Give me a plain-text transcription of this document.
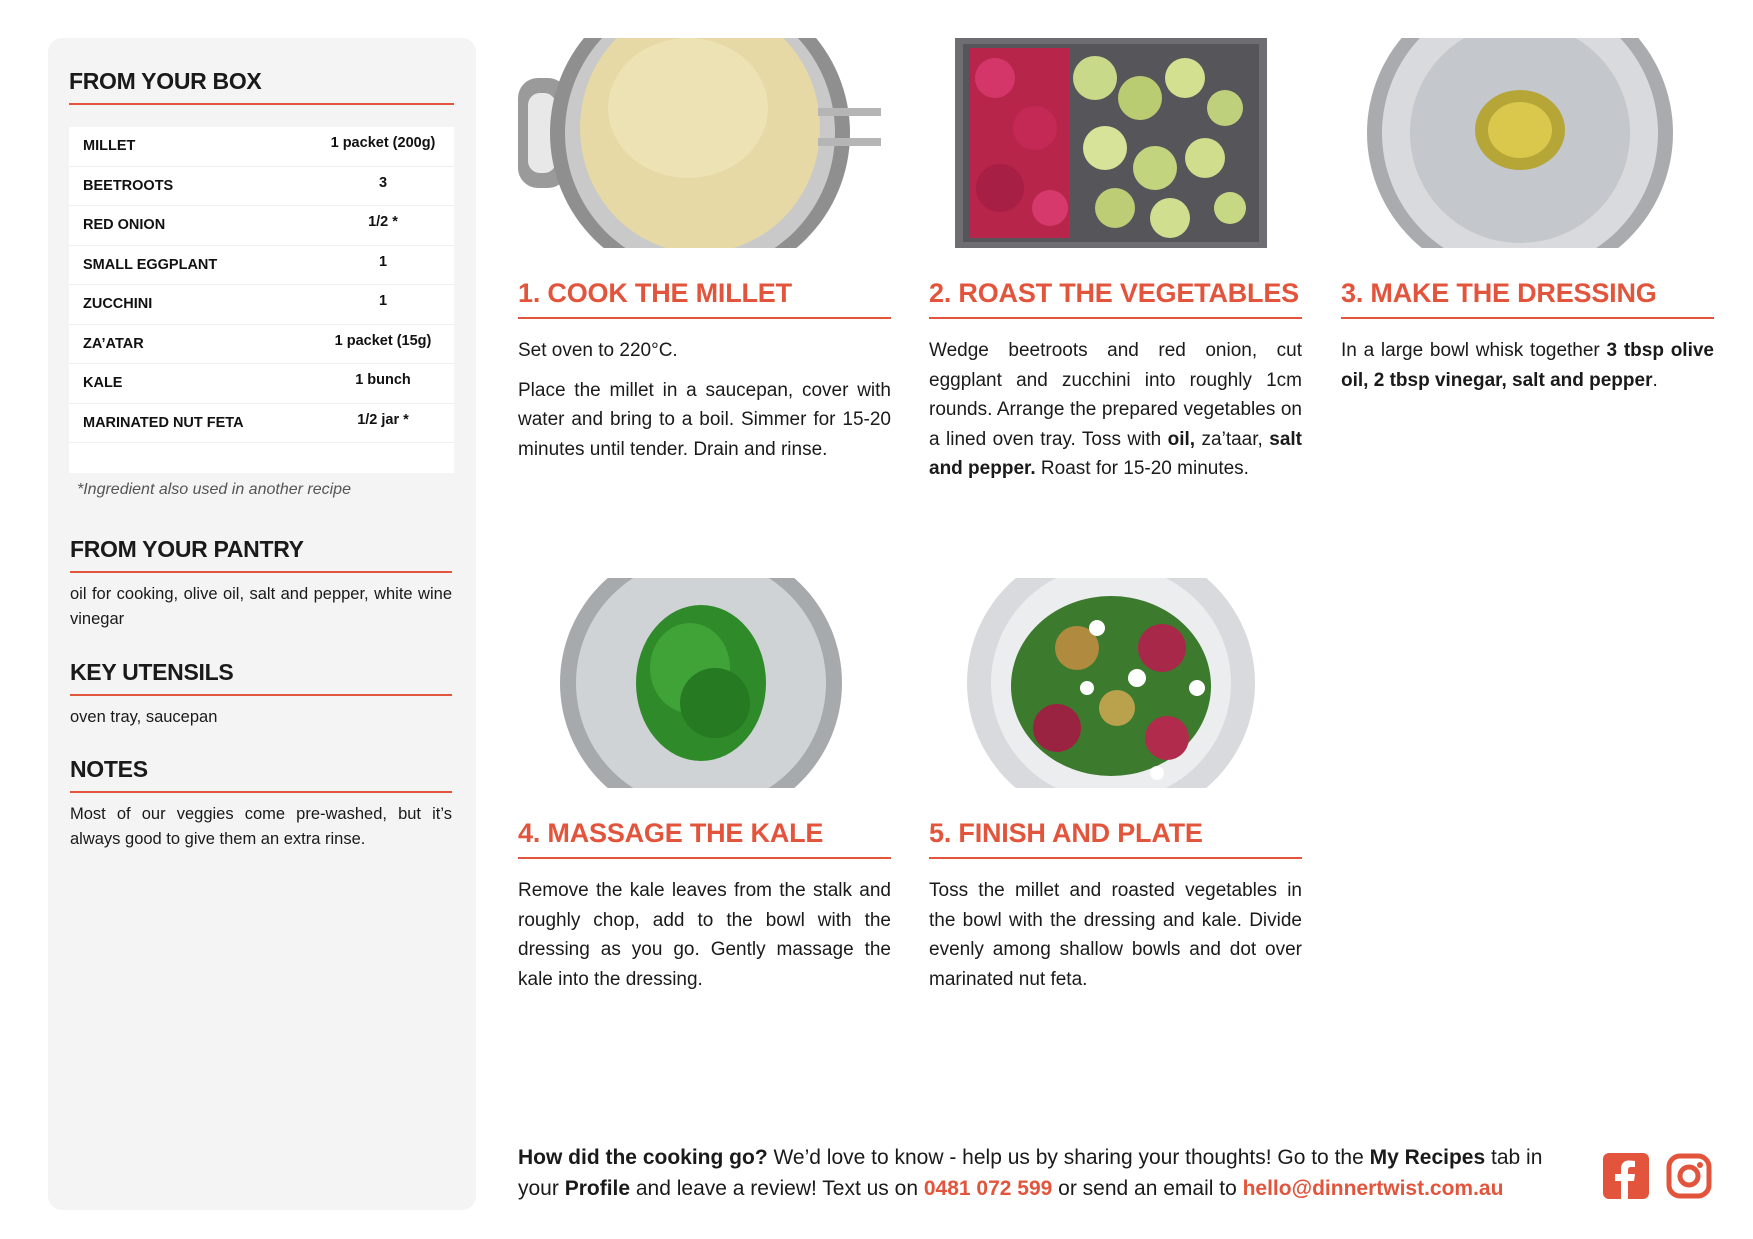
FROM YOUR BOX
MILLET	1 packet (200g)
BEETROOTS	3
RED ONION	1/2 *
SMALL EGGPLANT	1
ZUCCHINI	1
ZA’ATAR	1 packet (15g)
KALE	1 bunch
MARINATED NUT FETA	1/2 jar *
*Ingredient also used in another recipe
FROM YOUR PANTRY
oil for cooking, olive oil, salt and pepper, white wine vinegar
KEY UTENSILS
oven tray, saucepan
NOTES
Most of our veggies come pre-washed, but it’s always good to give them an extra rinse.
1. COOK THE MILLET

Set oven to 220°C.

Place the millet in a saucepan, cover with water and bring to a boil. Simmer for 15-20 minutes until tender. Drain and rinse.

2. ROAST THE VEGETABLES
Wedge beetroots and red onion, cut eggplant and zucchini into roughly 1cm rounds. Arrange the prepared vegetables on a lined oven tray. Toss with oil, za’taar, salt and pepper. Roast for 15-20 minutes.
3. MAKE THE DRESSING
In a large bowl whisk together 3 tbsp olive oil, 2 tbsp vinegar, salt and pepper.
4. MASSAGE THE KALE

Remove the kale leaves from the stalk and roughly chop, add to the bowl with the dressing as you go. Gently massage the kale into the dressing.

5. FINISH AND PLATE

Toss the millet and roasted vegetables in the bowl with the dressing and kale. Divide evenly among shallow bowls and dot over marinated nut feta.

How did the cooking go? We’d love to know - help us by sharing your thoughts! Go to the My Recipes tab in your Profile and leave a review! Text us on 0481 072 599 or send an email to hello@dinnertwist.com.au
